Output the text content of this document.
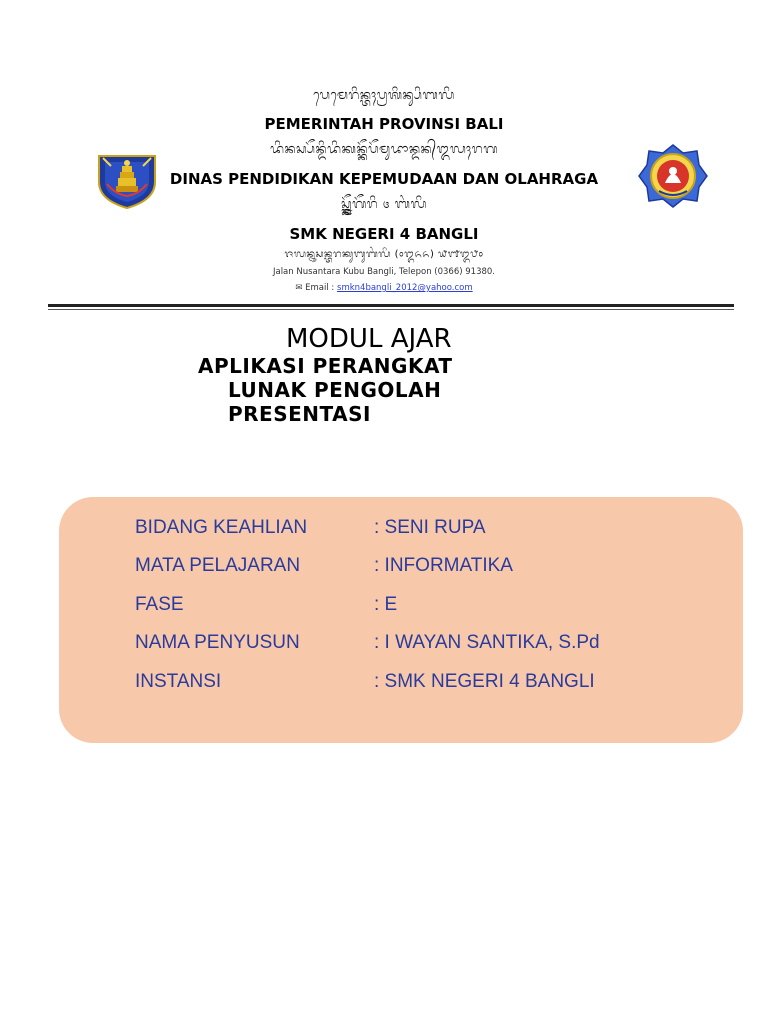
ᬧᬾᬫᬾᬭᬶᬦ᭄ᬢᬄᬧ᭄ᬭᬰᬶᬦ᭄ᬲᬶᬩᬮᬶ
PEMERINTAH PROVINSI BALI
ᬤᬶᬦᬲ᭄ᬧᭂᬦ᭄ᬤᬶᬤᬶᬓᬦ᭄ᬓᭂᬧᭂᬫᬸᬤᬵᬦ᭄ᬤᬦ᭄ᬑᬮᬄᬭᬕ
DINAS PENDIDIKAN KEPEMUDAAN DAN OLAHRAGA
ᬲ᭄ᬫ᭄ᬓ᭄ᬦᭂᬕᭂᬭᬶ ᭔ ᬩᬂᬮᬶ
SMK NEGERI 4 BANGLI
ᬚᬮᬦ᭄ᬦᬸᬲᬦ᭄ᬢᬭᬓᬸᬩᬸᬩᬂᬮᬶ (᭐᭓᭖᭖) ᭙᭑᭓᭘᭐
Jalan Nusantara Kubu Bangli, Telepon (0366) 91380.
✉ Email : smkn4bangli_2012@yahoo.com
MODUL AJAR
APLIKASI PERANGKAT
LUNAK PENGOLAH
PRESENTASI
BIDANG KEAHLIAN	: SENI RUPA
MATA PELAJARAN	: INFORMATIKA
FASE	: E
NAMA PENYUSUN	: I WAYAN SANTIKA, S.Pd
INSTANSI	: SMK NEGERI 4 BANGLI
